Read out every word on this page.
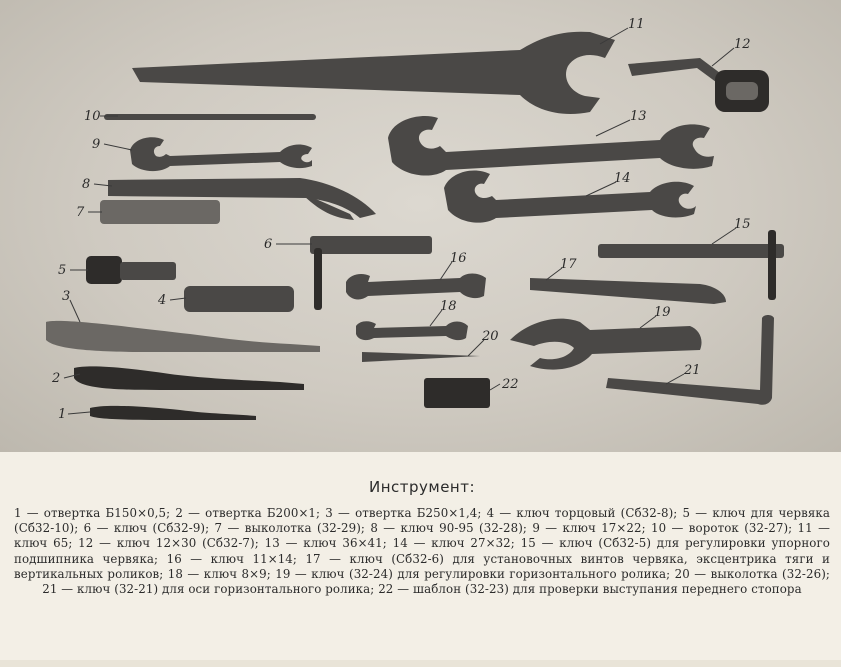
11
12
10	13
9
8	14
7
15
6
5
16	17
4
3
18	19
20
21
2	22
1
Инструмент:

1 — отвертка Б150×0,5; 2 — отвертка Б200×1; 3 — отвертка Б250×1,4; 4 — ключ торцовый (Сб32-8); 5 — ключ для червяка (Сб32-10); 6 — ключ (Сб32-9); 7 — выколотка (32-29); 8 — ключ 90-95 (32-28); 9 — ключ 17×22; 10 — вороток (32-27); 11 — ключ 65; 12 — ключ 12×30 (Сб32-7); 13 — ключ 36×41; 14 — ключ 27×32; 15 — ключ (Сб32-5) для регулировки упорного подшипника червяка; 16 — ключ 11×14; 17 — ключ (Сб32-6) для установочных винтов червяка, эксцентрика тяги и вертикальных роликов; 18 — ключ 8×9; 19 — ключ (32-24) для регулировки горизонтального ролика; 20 — выколотка (32-26); 21 — ключ (32-21) для оси горизонтального ролика; 22 — шаблон (32-23) для проверки выступания переднего стопора
